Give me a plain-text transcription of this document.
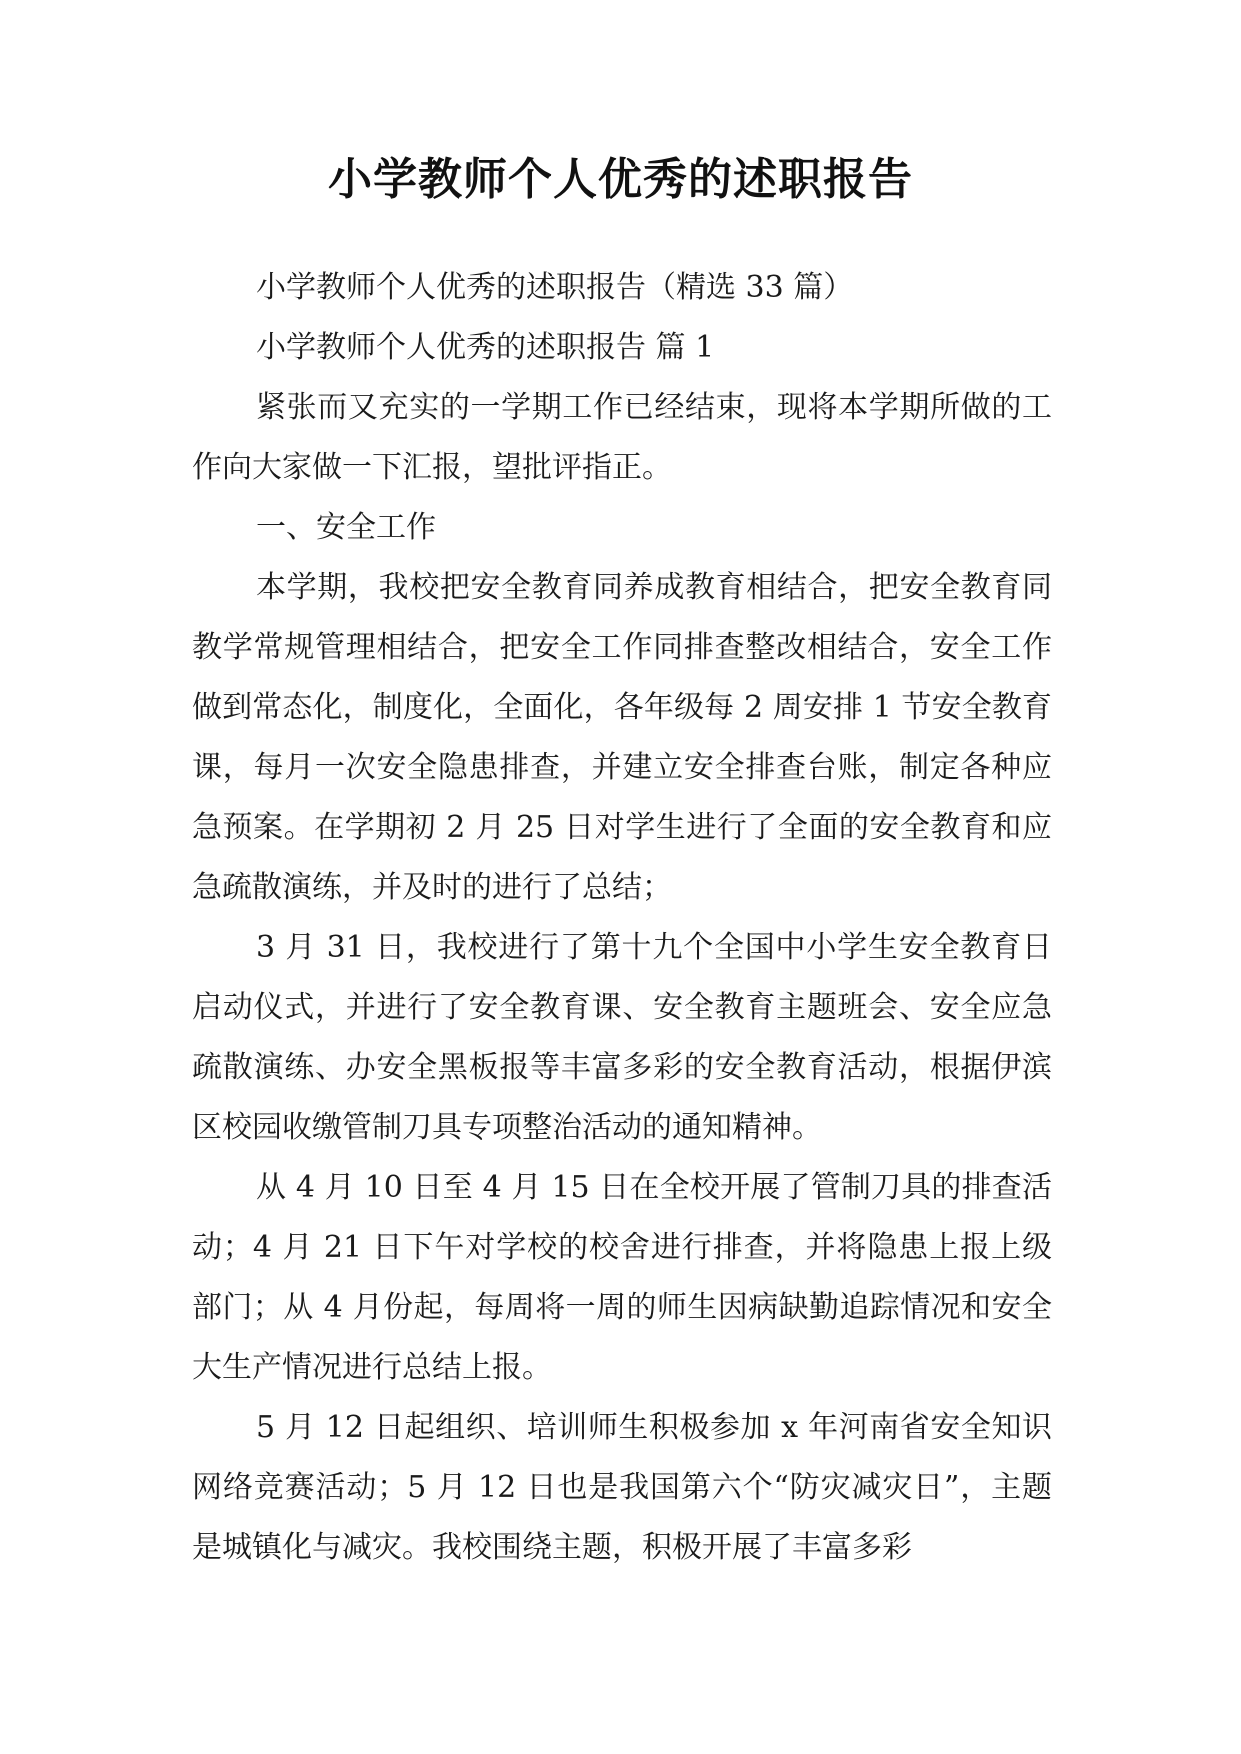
小学教师个人优秀的述职报告

小学教师个人优秀的述职报告（精选 33 篇）

小学教师个人优秀的述职报告 篇 1

紧张而又充实的一学期工作已经结束，现将本学期所做的工作向大家做一下汇报，望批评指正。

一、安全工作

本学期，我校把安全教育同养成教育相结合，把安全教育同教学常规管理相结合，把安全工作同排查整改相结合，安全工作做到常态化，制度化，全面化，各年级每 2 周安排 1 节安全教育课，每月一次安全隐患排查，并建立安全排查台账，制定各种应急预案。在学期初 2 月 25 日对学生进行了全面的安全教育和应急疏散演练，并及时的进行了总结；

3 月 31 日，我校进行了第十九个全国中小学生安全教育日启动仪式，并进行了安全教育课、安全教育主题班会、安全应急疏散演练、办安全黑板报等丰富多彩的安全教育活动，根据伊滨区校园收缴管制刀具专项整治活动的通知精神。

从 4 月 10 日至 4 月 15 日在全校开展了管制刀具的排查活动；4 月 21 日下午对学校的校舍进行排查，并将隐患上报上级部门；从 4 月份起，每周将一周的师生因病缺勤追踪情况和安全大生产情况进行总结上报。

5 月 12 日起组织、培训师生积极参加 x 年河南省安全知识网络竞赛活动；5 月 12 日也是我国第六个“防灾减灾日”，主题是城镇化与减灾。我校围绕主题，积极开展了丰富多彩
